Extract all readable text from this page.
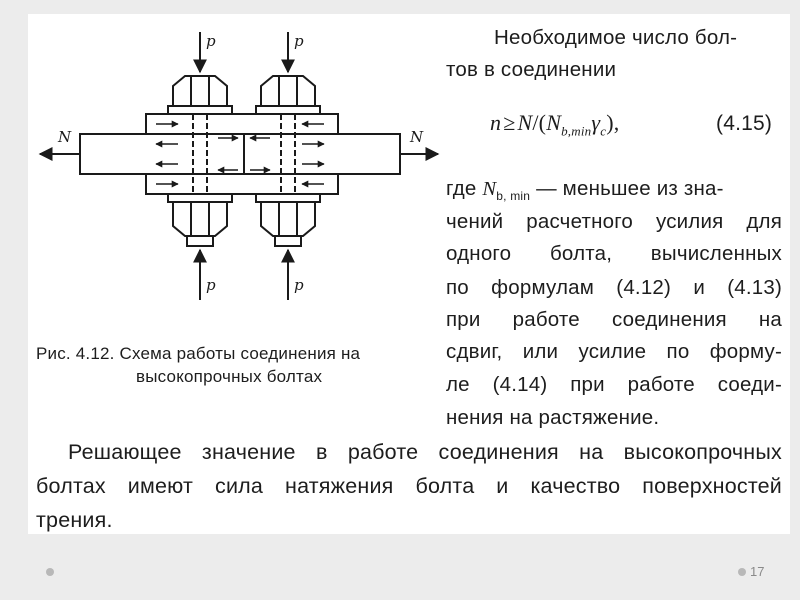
p	p
p	p
N	N
Рис. 4.12. Схема работы соединения на
высокопрочных болтах
Необходимое число бол-
тов в соединении
$n\ge N/(N_{b,min}\gamma_c)$,	(4.15)
где $N_{b, min}$ — меньшее из зна-
чений расчетного усилия для
одного болта, вычисленных
по формулам (4.12) и (4.13)
при работе соединения на
сдвиг, или усилие по форму-
ле (4.14) при работе соеди-
нения на растяжение.
Решающее значение в работе соединения на высокопрочных
болтах имеют сила натяжения болта и качество поверхностей
трения.
17
